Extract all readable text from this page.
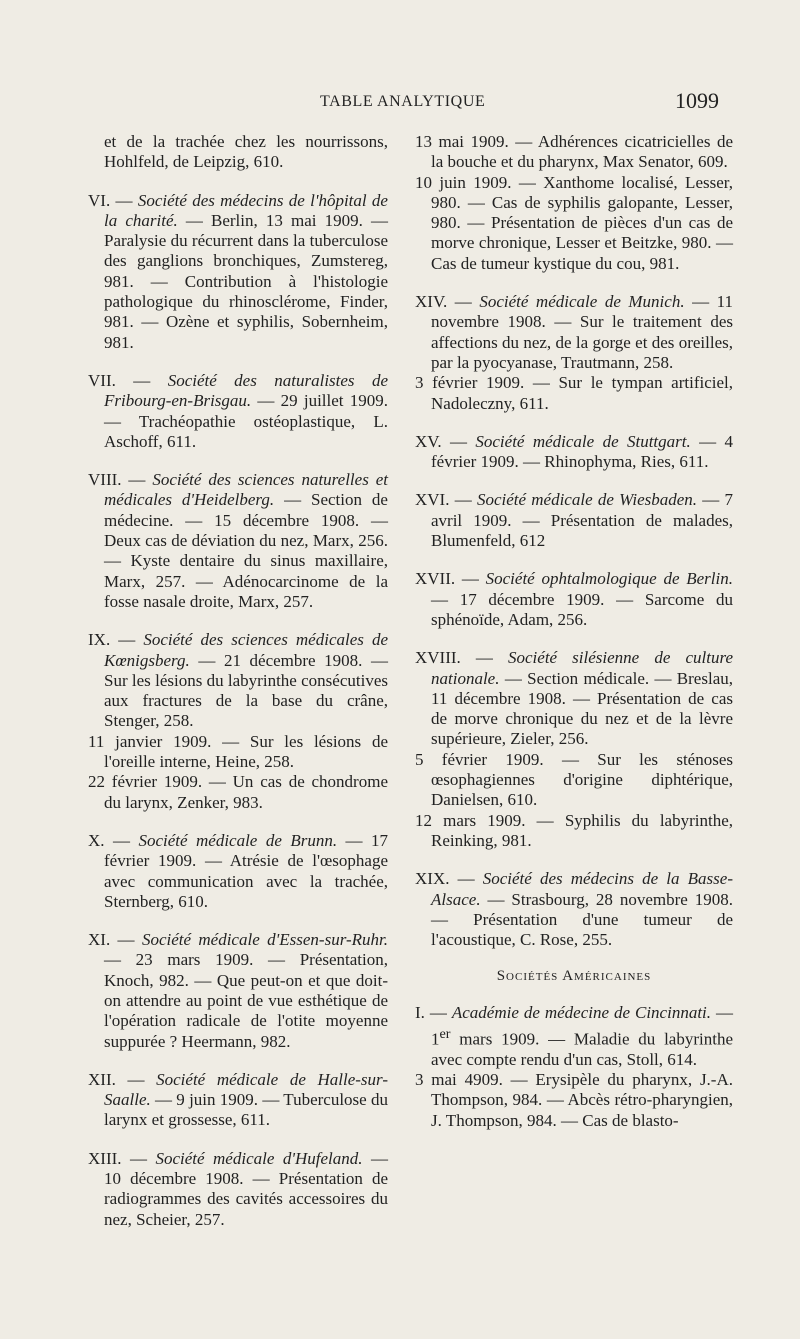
TABLE ANALYTIQUE	1099
et de la trachée chez les nourrissons, Hohlfeld, de Leipzig, 610.
VI. — Société des médecins de l'hôpital de la charité. — Berlin, 13 mai 1909. — Paralysie du récurrent dans la tuberculose des ganglions bronchiques, Zumstereg, 981. — Contribution à l'histologie pathologique du rhinosclérome, Finder, 981. — Ozène et syphilis, Sobernheim, 981.
VII. — Société des naturalistes de Fribourg-en-Brisgau. — 29 juillet 1909. — Trachéopathie ostéoplastique, L. Aschoff, 611.
VIII. — Société des sciences naturelles et médicales d'Heidelberg. — Section de médecine. — 15 décembre 1908. — Deux cas de déviation du nez, Marx, 256. — Kyste dentaire du sinus maxillaire, Marx, 257. — Adénocarcinome de la fosse nasale droite, Marx, 257.
IX. — Société des sciences médicales de Kœnigsberg. — 21 décembre 1908. — Sur les lésions du labyrinthe consécutives aux fractures de la base du crâne, Stenger, 258.
11 janvier 1909. — Sur les lésions de l'oreille interne, Heine, 258.
22 février 1909. — Un cas de chondrome du larynx, Zenker, 983.
X. — Société médicale de Brunn. — 17 février 1909. — Atrésie de l'œsophage avec communication avec la trachée, Sternberg, 610.
XI. — Société médicale d'Essen-sur-Ruhr. — 23 mars 1909. — Présentation, Knoch, 982. — Que peut-on et que doit-on attendre au point de vue esthétique de l'opération radicale de l'otite moyenne suppurée ? Heermann, 982.
XII. — Société médicale de Halle-sur-Saalle. — 9 juin 1909. — Tuberculose du larynx et grossesse, 611.
XIII. — Société médicale d'Hufeland. — 10 décembre 1908. — Présentation de radiogrammes des cavités accessoires du nez, Scheier, 257.
13 mai 1909. — Adhérences cicatricielles de la bouche et du pharynx, Max Senator, 609.
10 juin 1909. — Xanthome localisé, Lesser, 980. — Cas de syphilis galopante, Lesser, 980. — Présentation de pièces d'un cas de morve chronique, Lesser et Beitzke, 980. — Cas de tumeur kystique du cou, 981.
XIV. — Société médicale de Munich. — 11 novembre 1908. — Sur le traitement des affections du nez, de la gorge et des oreilles, par la pyocyanase, Trautmann, 258.
3 février 1909. — Sur le tympan artificiel, Nadoleczny, 611.
XV. — Société médicale de Stuttgart. — 4 février 1909. — Rhinophyma, Ries, 611.
XVI. — Société médicale de Wiesbaden. — 7 avril 1909. — Présentation de malades, Blumenfeld, 612
XVII. — Société ophtalmologique de Berlin. — 17 décembre 1909. — Sarcome du sphénoïde, Adam, 256.
XVIII. — Société silésienne de culture nationale. — Section médicale. — Breslau, 11 décembre 1908. — Présentation de cas de morve chronique du nez et de la lèvre supérieure, Zieler, 256.
5 février 1909. — Sur les sténoses œsophagiennes d'origine diphtérique, Danielsen, 610.
12 mars 1909. — Syphilis du labyrinthe, Reinking, 981.
XIX. — Société des médecins de la Basse-Alsace. — Strasbourg, 28 novembre 1908. — Présentation d'une tumeur de l'acoustique, C. Rose, 255.
Sociétés Américaines
I. — Académie de médecine de Cincinnati. — 1er mars 1909. — Maladie du labyrinthe avec compte rendu d'un cas, Stoll, 614.
3 mai 4909. — Erysipèle du pharynx, J.-A. Thompson, 984. — Abcès rétro-pharyngien, J. Thompson, 984. — Cas de blasto-
